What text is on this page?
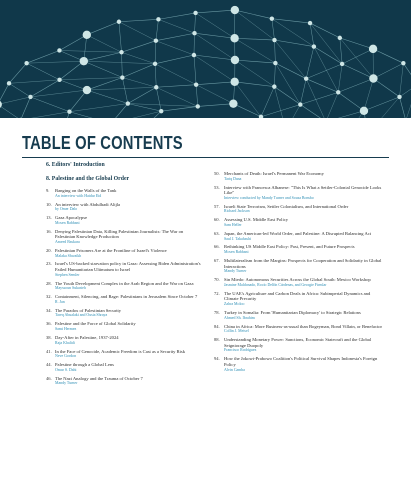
TABLE OF CONTENTS
6. Editors' Introduction
8. Palestine and the Global Order
9.	Banging on the Walls of the Tank
An interview with Haidar Eid
10. An interview with Abdulhadi Alijla
by Omer Dalo
13. Gaza Apocalypse
Mosen Rabbani
16. Denying Palestinian Data, Killing Palestinian Journalists: The War on Palestinian Knowledge Production
Ameed Baskara
20. Palestinian Prisoners Are at the Frontline of Israel's Violence
Malaka Shwaikh
23. Israel's US-backed starvation policy in Gaza: Assessing Biden Administration's Failed Humanitarian Ultimatum to Israel
Stephen Semler
28. The Youth Development Complex in the Arab Region and the War on Gaza
Mayssoun Sukarieh
32. Containment, Silencing, and Rage: Palestinians in Jerusalem Since October 7
R. Jan
34. The Paradox of Palestinian Security
Tareq Abualaki and Ousia Shraya
36. Palestine and the Force of Global Solidarity
Sami Hermez
38. Day-After in Palestine, 1937-2024
Raja Khalidi
41. In the Face of Genocide, Academic Freedom is Cast as a Security Risk
Neve Gordon
44. Palestine through a Global Lens
Omar S. Dahi
46. The Nazi Analogy and the Trauma of October 7
Mandy Turner
50. Merchants of Death: Israel's Permanent War Economy
Tariq Dana
53. Interview with Francesca Albanese: "This Is What a Settler-Colonial Genocide Looks Like"
Interview conducted by Mandy Turner and Sousa Bonsbo
57. Israeli State Terrorism, Settler Colonialism, and International Order
Richard Jackson
60. Assessing U.S. Middle East Policy
Sam Heller
63. Japan, the American-led World Order, and Palestine: A Disrupted Balancing Act
Saul J. Takahashi
66. Rethinking US Middle East Policy: Past, Present, and Future Prospects
Mosen Rabbani
67. Multilateralism from the Margins: Prospects for Cooperation and Solidarity in Global Interactions
Mandy Turner
70. Sin Miedo: Autonomous Securities Across the Global South: Mexico Workshop
Jasmine Maldonado, Rocío Delfín Cárdenas, and Georgie Firmlar
72. The UAE's Agriculture and Carbon Deals in Africa: Subimperial Dynamics and Climate Precarity
Zahra Moloo
78. Turkey in Somalia: From 'Humanitarian Diplomacy' to Strategic Relations
Ahmed Sh. Ibrahim
84. China in Africa: More Business-as-usual than Bogeyman, Bond Villain, or Benefactor
Collin J. Meisel
88. Understanding Monetary Power: Sanctions, Economic Statecraft and the Global Seigniorage Duopoly
Francisco Rodríguez
94. How the Jokowi-Prabowo Coalition's Political Survival Shapes Indonesia's Foreign Policy
Alvin Camba
